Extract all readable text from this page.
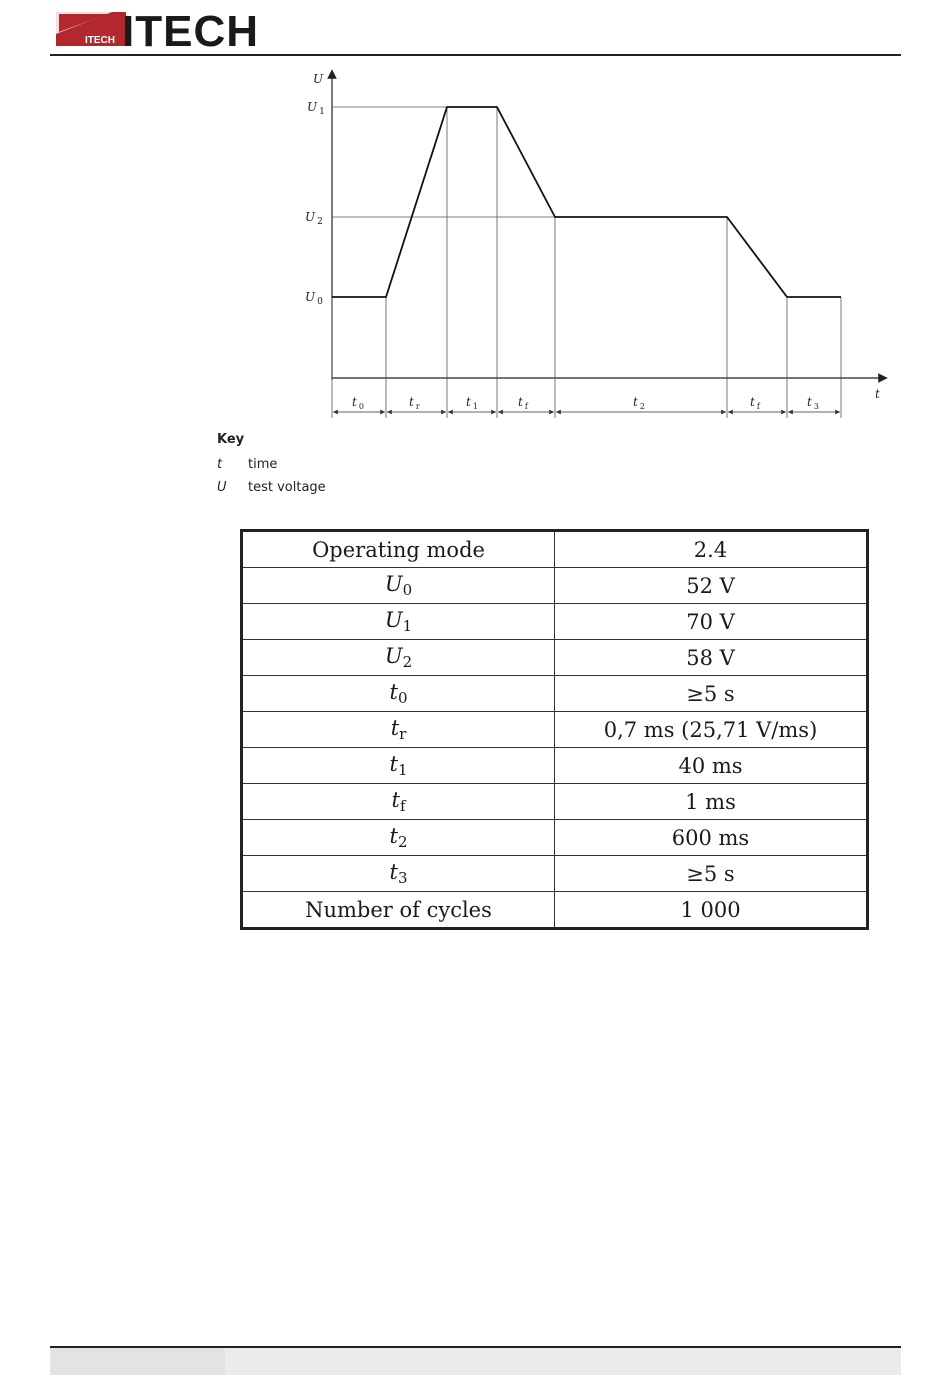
ITECH ITECH
U
t
U $_1$
U $_2$
U $_0$
t $_0$	t $_r$	t $_1$	t $_f$	t $_2$	t $_f$	t $_3$
Key
t time
U test voltage
Operating mode	2.4
$U_0$	52 V
$U_1$	70 V
$U_2$	58 V
$t_0$	≥5 s
$t_r$	0,7 ms (25,71 V/ms)
$t_1$	40 ms
$t_f$	1 ms
$t_2$	600 ms
$t_3$	≥5 s
Number of cycles	1 000
